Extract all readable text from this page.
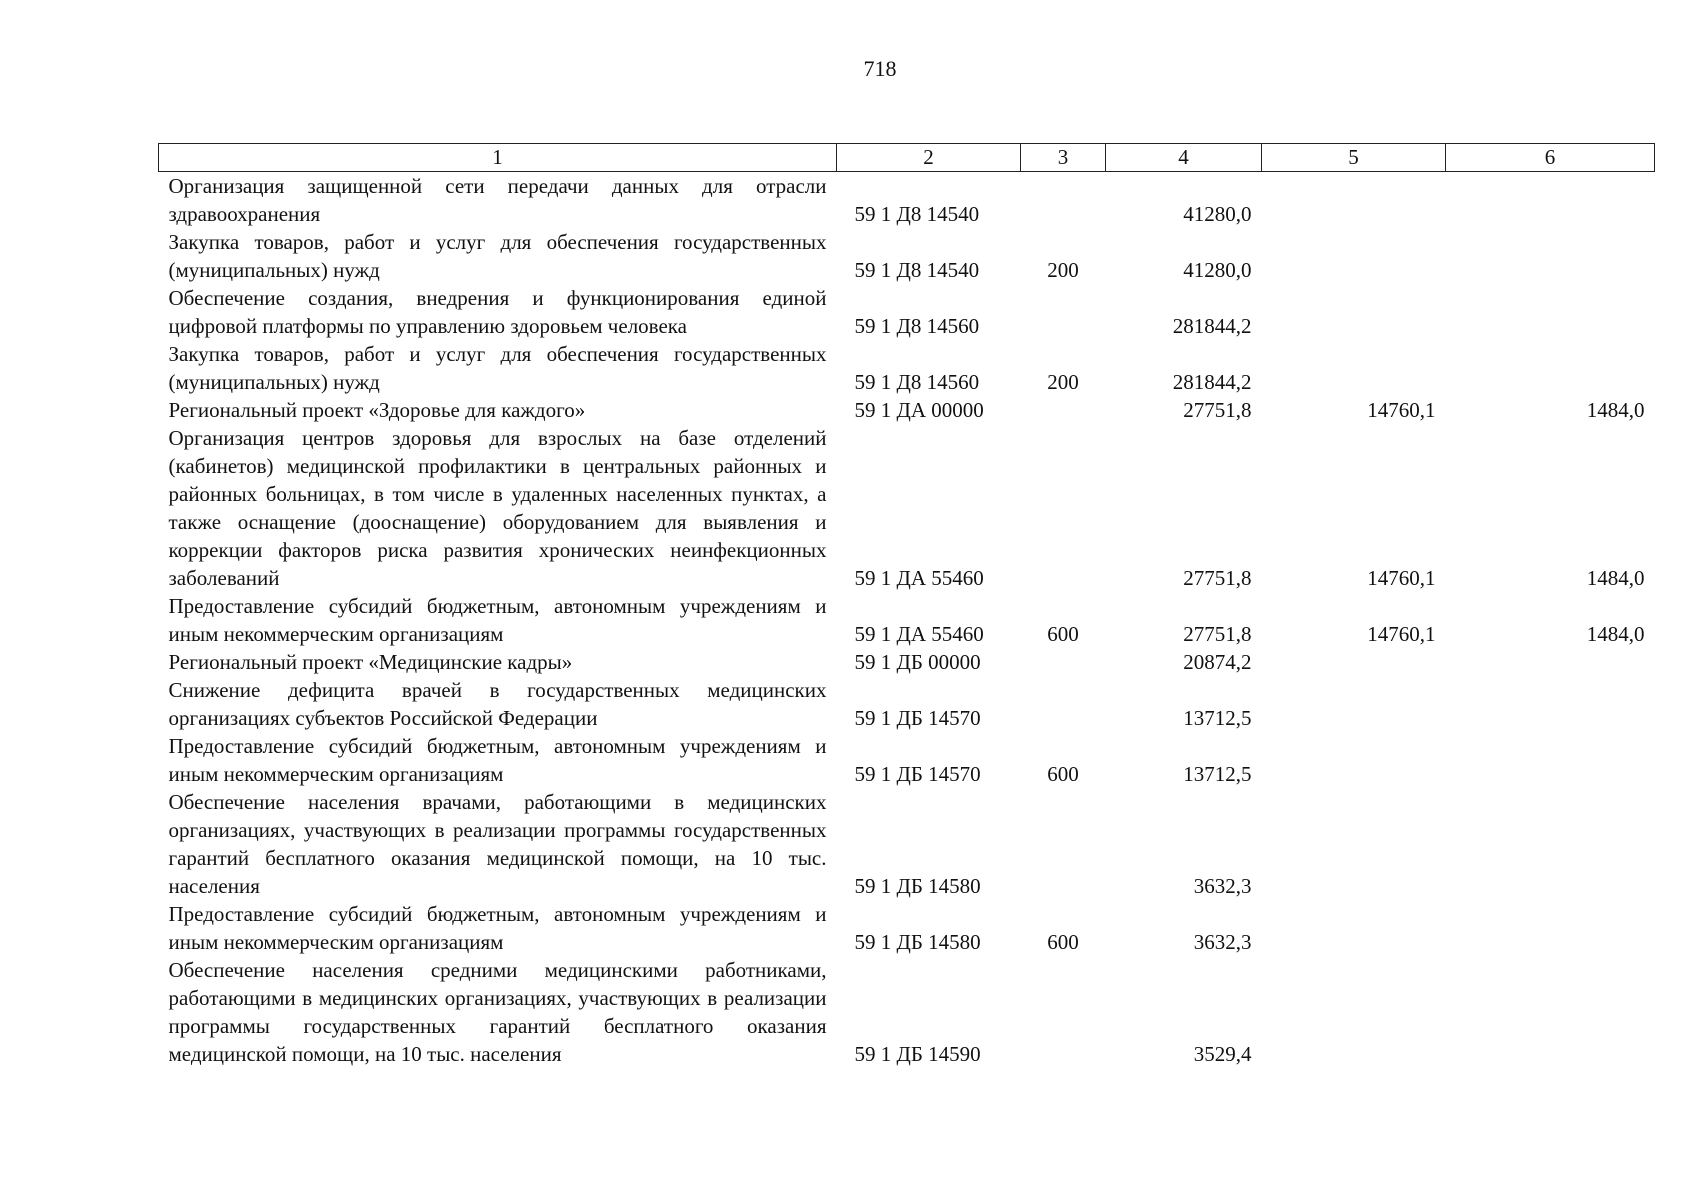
718
1	2	3	4	5	6
Организация защищенной сети передачи данных для отрасли здравоохранения	59 1 Д8 14540		41280,0		
Закупка товаров, работ и услуг для обеспечения государственных (муниципальных) нужд	59 1 Д8 14540	200	41280,0		
Обеспечение создания, внедрения и функционирования единой цифровой платформы по управлению здоровьем человека	59 1 Д8 14560		281844,2		
Закупка товаров, работ и услуг для обеспечения государственных (муниципальных) нужд	59 1 Д8 14560	200	281844,2		
Региональный проект «Здоровье для каждого»	59 1 ДА 00000		27751,8	14760,1	1484,0
Организация центров здоровья для взрослых на базе отделений (кабинетов) медицинской профилактики в центральных районных и районных больницах, в том числе в удаленных населенных пунктах, а также оснащение (дооснащение) оборудованием для выявления и коррекции факторов риска развития хронических неинфекционных заболеваний	59 1 ДА 55460		27751,8	14760,1	1484,0
Предоставление субсидий бюджетным, автономным учреждениям и иным некоммерческим организациям	59 1 ДА 55460	600	27751,8	14760,1	1484,0
Региональный проект «Медицинские кадры»	59 1 ДБ 00000		20874,2		
Снижение дефицита врачей в государственных медицинских организациях субъектов Российской Федерации	59 1 ДБ 14570		13712,5		
Предоставление субсидий бюджетным, автономным учреждениям и иным некоммерческим организациям	59 1 ДБ 14570	600	13712,5		
Обеспечение населения врачами, работающими в медицинских организациях, участвующих в реализации программы государственных гарантий бесплатного оказания медицинской помощи, на 10 тыс. населения	59 1 ДБ 14580		3632,3		
Предоставление субсидий бюджетным, автономным учреждениям и иным некоммерческим организациям	59 1 ДБ 14580	600	3632,3		
Обеспечение населения средними медицинскими работниками, работающими в медицинских организациях, участвующих в реализации программы государственных гарантий бесплатного оказания медицинской помощи, на 10 тыс. населения	59 1 ДБ 14590		3529,4		
